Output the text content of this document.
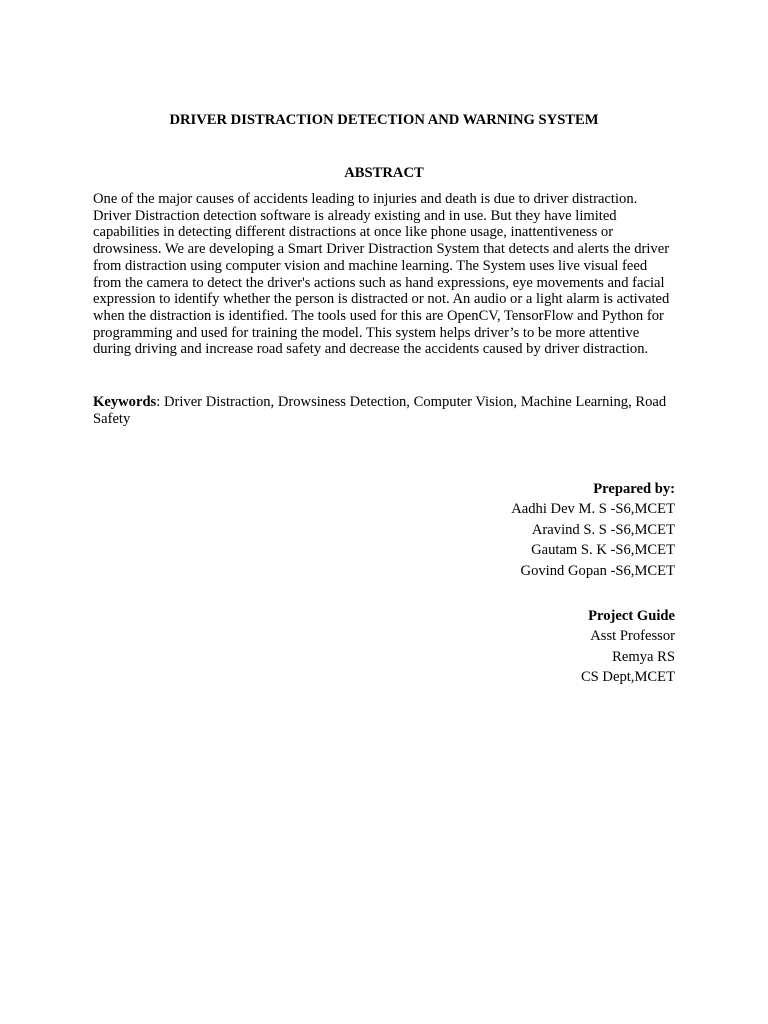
DRIVER DISTRACTION DETECTION AND WARNING SYSTEM
ABSTRACT

One of the major causes of accidents leading to injuries and death is due to driver distraction. Driver Distraction detection software is already existing and in use. But they have limited capabilities in detecting different distractions at once like phone usage, inattentiveness or drowsiness. We are developing a Smart Driver Distraction System that detects and alerts the driver from distraction using computer vision and machine learning. The System uses live visual feed from the camera to detect the driver's actions such as hand expressions, eye movements and facial expression to identify whether the person is distracted or not. An audio or a light alarm is activated when the distraction is identified. The tools used for this are OpenCV, TensorFlow and Python for programming and used for training the model. This system helps driver’s to be more attentive during driving and increase road safety and decrease the accidents caused by driver distraction.

Keywords: Driver Distraction, Drowsiness Detection, Computer Vision, Machine Learning, Road Safety

Prepared by:
Aadhi Dev M. S -S6,MCET
Aravind S. S -S6,MCET
Gautam S. K -S6,MCET
Govind Gopan -S6,MCET
Project Guide
Asst Professor
Remya RS
CS Dept,MCET
